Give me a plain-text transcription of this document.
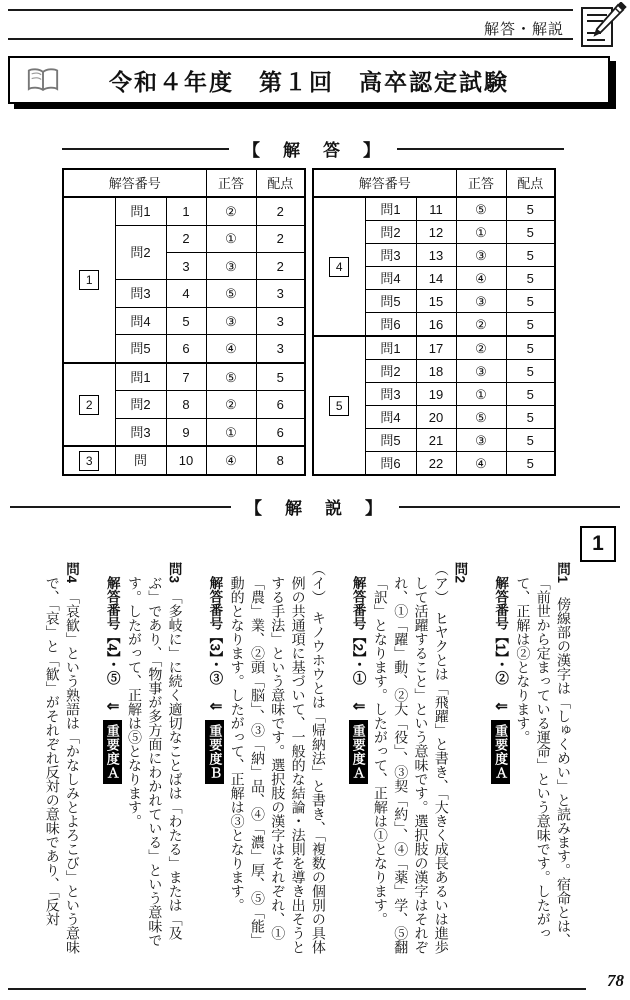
解答・解説
令和４年度　第１回　高卒認定試験
【　解　答　】
解答番号			正答	配点
1	問1	1	②	2
	問2	2	①	2
		3	③	2
	問3	4	⑤	3
	問4	5	③	3
	問5	6	④	3
2	問1	7	⑤	5
	問2	8	②	6
	問3	9	①	6
3	問	10	④	8
解答番号			正答	配点
4	問1	11	⑤	5
	問2	12	①	5
	問3	13	③	5
	問4	14	④	5
	問5	15	③	5
	問6	16	②	5
5	問1	17	②	5
	問2	18	③	5
	問3	19	①	5
	問4	20	⑤	5
	問5	21	③	5
	問6	22	④	5
【　解　説　】
1

問1　傍線部の漢字は「しゅくめい」と読みます。宿命とは、「前世から定まっている運命」という意味です。したがって、正解は②となります。

解答番号【1】・②⇓重要度Ａ

問2

（ア）　ヒヤクとは「飛躍」と書き、「大きく成長あるいは進歩して活躍すること」という意味です。選択肢の漢字はそれぞれ、①「躍」動、②大「役」、③契「約」、④「薬」学、⑤翻「訳」となります。したがって、正解は①となります。

解答番号【2】・①⇓重要度Ａ

（イ）　キノウホウとは「帰納法」と書き、「複数の個別の具体例の共通項に基づいて、一般的な結論・法則を導き出そうとする手法」という意味です。選択肢の漢字はそれぞれ、①「農」業、②頭「脳」、③「納」品、④「濃」厚、⑤「能」動的となります。したがって、正解は③となります。

解答番号【3】・③⇓重要度Ｂ

問3　「多岐に」に続く適切なことばは「わたる」または「及ぶ」であり、「物事が多方面にわかれている」という意味です。したがって、正解は⑤となります。

解答番号【4】・⑤⇓重要度Ａ

問4　「哀歓」という熟語は「かなしみとよろこび」という意味で、「哀」と「歓」がそれぞれ反対の意味であり、「反対

78
